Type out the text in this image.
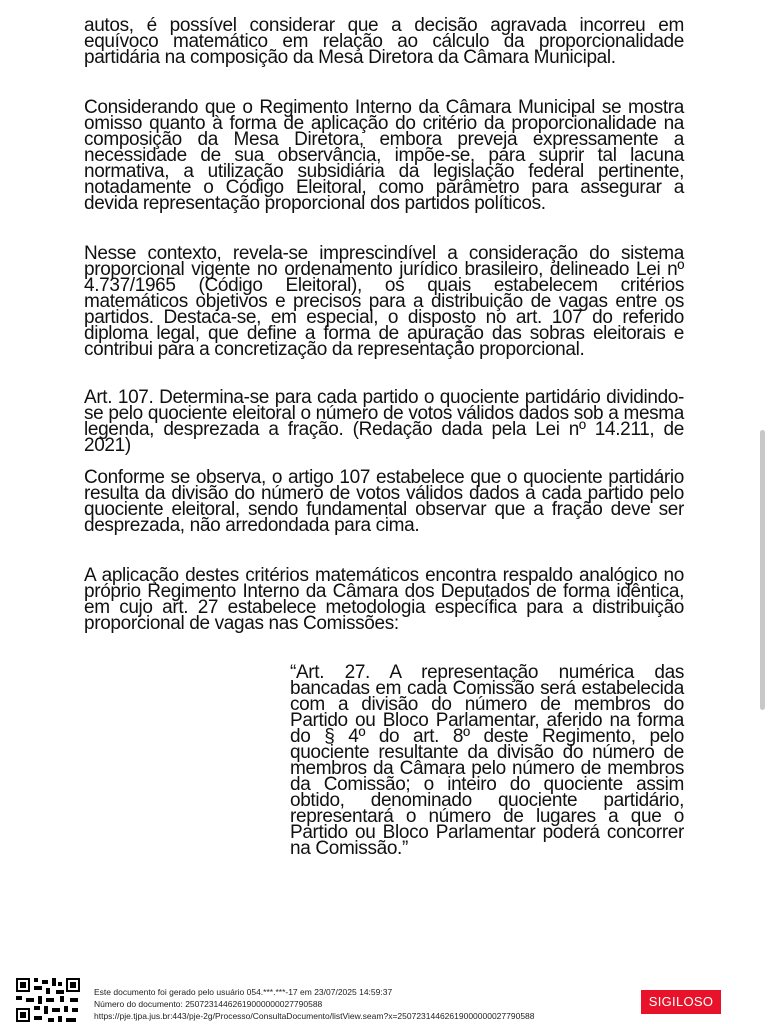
autos, é possível considerar que a decisão agravada incorreu em equívoco matemático em relação ao cálculo da proporcionalidade partidária na composição da Mesa Diretora da Câmara Municipal.

Considerando que o Regimento Interno da Câmara Municipal se mostra omisso quanto à forma de aplicação do critério da proporcionalidade na composição da Mesa Diretora, embora preveja expressamente a necessidade de sua observância, impõe-se, para suprir tal lacuna normativa, a utilização subsidiária da legislação federal pertinente, notadamente o Código Eleitoral, como parâmetro para assegurar a devida representação proporcional dos partidos políticos.

Nesse contexto, revela-se imprescindível a consideração do sistema proporcional vigente no ordenamento jurídico brasileiro, delineado Lei nº 4.737/1965 (Código Eleitoral), os quais estabelecem critérios matemáticos objetivos e precisos para a distribuição de vagas entre os partidos. Destaca-se, em especial, o disposto no art. 107 do referido diploma legal, que define a forma de apuração das sobras eleitorais e contribui para a concretização da representação proporcional.

Art. 107. Determina-se para cada partido o quociente partidário dividindo-se pelo quociente eleitoral o número de votos válidos dados sob a mesma legenda, desprezada a fração. (Redação dada pela Lei nº 14.211, de 2021)

Conforme se observa, o artigo 107 estabelece que o quociente partidário resulta da divisão do número de votos válidos dados a cada partido pelo quociente eleitoral, sendo fundamental observar que a fração deve ser desprezada, não arredondada para cima.

A aplicação destes critérios matemáticos encontra respaldo analógico no próprio Regimento Interno da Câmara dos Deputados de forma idêntica, em cujo art. 27 estabelece metodologia específica para a distribuição proporcional de vagas nas Comissões:

“Art. 27. A representação numérica das bancadas em cada Comissão será estabelecida com a divisão do número de membros do Partido ou Bloco Parlamentar, aferido na forma do § 4º do art. 8º deste Regimento, pelo quociente resultante da divisão do número de membros da Câmara pelo número de membros da Comissão; o inteiro do quociente assim obtido, denominado quociente partidário, representará o número de lugares a que o Partido ou Bloco Parlamentar poderá concorrer na Comissão.”

Este documento foi gerado pelo usuário 054.***.***-17 em 23/07/2025 14:59:37
Número do documento: 25072314462619000000027790588
https://pje.tjpa.jus.br:443/pje-2g/Processo/ConsultaDocumento/listView.seam?x=25072314462619000000027790588
SIGILOSO
